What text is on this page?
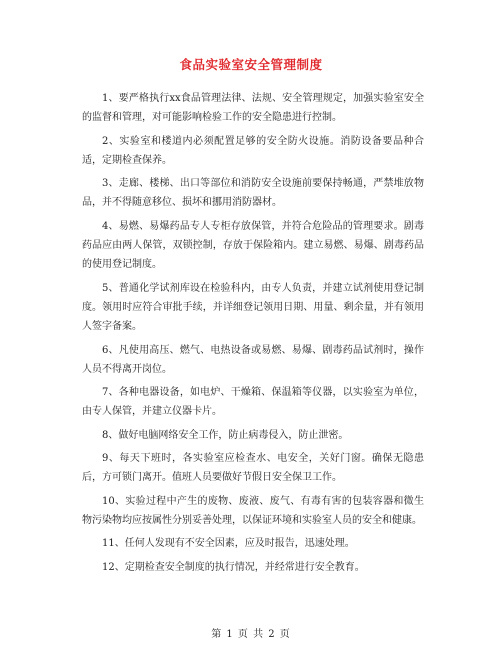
食品实验室安全管理制度

1、要严格执行xx食品管理法律、法规、安全管理规定，加强实验室安全的监督和管理，对可能影响检验工作的安全隐患进行控制。

2、实验室和楼道内必须配置足够的安全防火设施。消防设备要品种合适，定期检查保养。

3、走廊、楼梯、出口等部位和消防安全设施前要保持畅通，严禁堆放物品，并不得随意移位、损坏和挪用消防器材。

4、易燃、易爆药品专人专柜存放保管，并符合危险品的管理要求。剧毒药品应由两人保管，双锁控制，存放于保险箱内。建立易燃、易爆、剧毒药品的使用登记制度。

5、普通化学试剂库设在检验科内，由专人负责，并建立试剂使用登记制度。领用时应符合审批手续，并详细登记领用日期、用量、剩余量，并有领用人签字备案。

6、凡使用高压、燃气、电热设备或易燃、易爆、剧毒药品试剂时，操作人员不得离开岗位。

7、各种电器设备，如电炉、干燥箱、保温箱等仪器，以实验室为单位，由专人保管，并建立仪器卡片。

8、做好电脑网络安全工作，防止病毒侵入，防止泄密。

9、每天下班时，各实验室应检查水、电安全，关好门窗。确保无隐患后，方可锁门离开。值班人员要做好节假日安全保卫工作。

10、实验过程中产生的废物、废液、废气、有毒有害的包装容器和微生物污染物均应按属性分别妥善处理，以保证环境和实验室人员的安全和健康。

11、任何人发现有不安全因素，应及时报告，迅速处理。

12、定期检查安全制度的执行情况，并经常进行安全教育。

第 1 页 共 2 页
